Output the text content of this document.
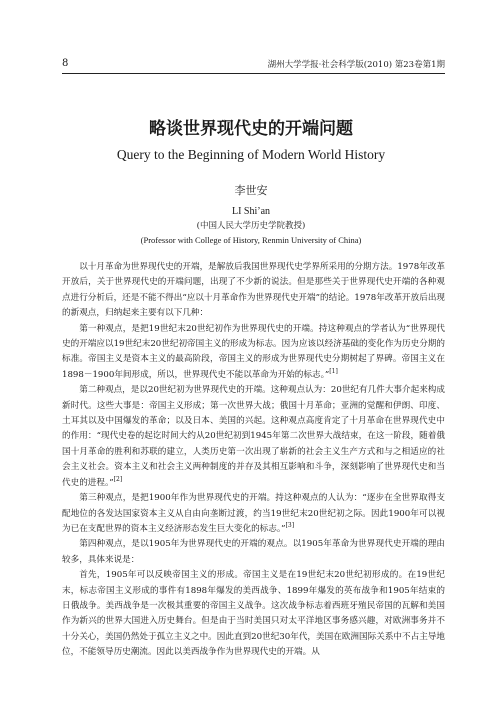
8	湖州大学学报·社会科学版(2010) 第23卷第1期
略谈世界现代史的开端问题
Query to the Beginning of Modern World History
李世安
LI Shi’an
(中国人民大学历史学院教授)
(Professor with College of History, Renmin University of China)

以十月革命为世界现代史的开端，是解放后我国世界现代史学界所采用的分期方法。1978年改革开放后，关于世界现代史的开端问题，出现了不少新的说法。但是那些关于世界现代史开端的各种观点进行分析后，还是不能不得出“应以十月革命作为世界现代史开端”的结论。1978年改革开放后出现的新观点，归纳起来主要有以下几种：

第一种观点，是把19世纪末20世纪初作为世界现代史的开端。持这种观点的学者认为“世界现代史的开端应以19世纪末20世纪初帝国主义的形成为标志。因为应该以经济基础的变化作为历史分期的标准。帝国主义是资本主义的最高阶段，帝国主义的形成为世界现代史分期树起了界碑。帝国主义在1898－1900年间形成，所以，世界现代史不能以革命为开始的标志。”[1]

第二种观点，是以20世纪初为世界现代史的开端。这种观点认为：20世纪有几件大事介起来构成新时代。这些大事是：帝国主义形成；第一次世界大战；俄国十月革命；亚洲的觉醒和伊朗、印度、土耳其以及中国爆发的革命；以及日本、美国的兴起。这种观点高度肯定了十月革命在世界现代史中的作用：“现代史卷的起讫时间大约从20世纪初到1945年第二次世界大战结束，在这一阶段，随着俄国十月革命的胜利和苏联的建立，人类历史第一次出现了崭新的社会主义生产方式和与之相适应的社会主义社会。资本主义和社会主义两种制度的并存及其相互影响和斗争，深刻影响了世界现代史和当代史的进程。”[2]

第三种观点，是把1900年作为世界现代史的开端。持这种观点的人认为：“逐步在全世界取得支配地位的各发达国家资本主义从自由向垄断过渡，约当19世纪末20世纪初之际。因此1900年可以视为已在支配世界的资本主义经济形态发生巨大变化的标志。”[3]

第四种观点，是以1905年为世界现代史的开端的观点。以1905年革命为世界现代史开端的理由较多，具体来说是：

首先，1905年可以反映帝国主义的形成。帝国主义是在19世纪末20世纪初形成的。在19世纪末，标志帝国主义形成的事件有1898年爆发的美西战争、1899年爆发的英布战争和1905年结束的日俄战争。美西战争是一次极其重要的帝国主义战争。这次战争标志着西班牙殖民帝国的瓦解和美国作为新兴的世界大国进入历史舞台。但是由于当时美国只对太平洋地区事务感兴趣，对欧洲事务并不十分关心，美国仍然处于孤立主义之中。因此直到20世纪30年代，美国在欧洲国际关系中不占主导地位，不能领导历史潮流。因此以美西战争作为世界现代史的开端。从
